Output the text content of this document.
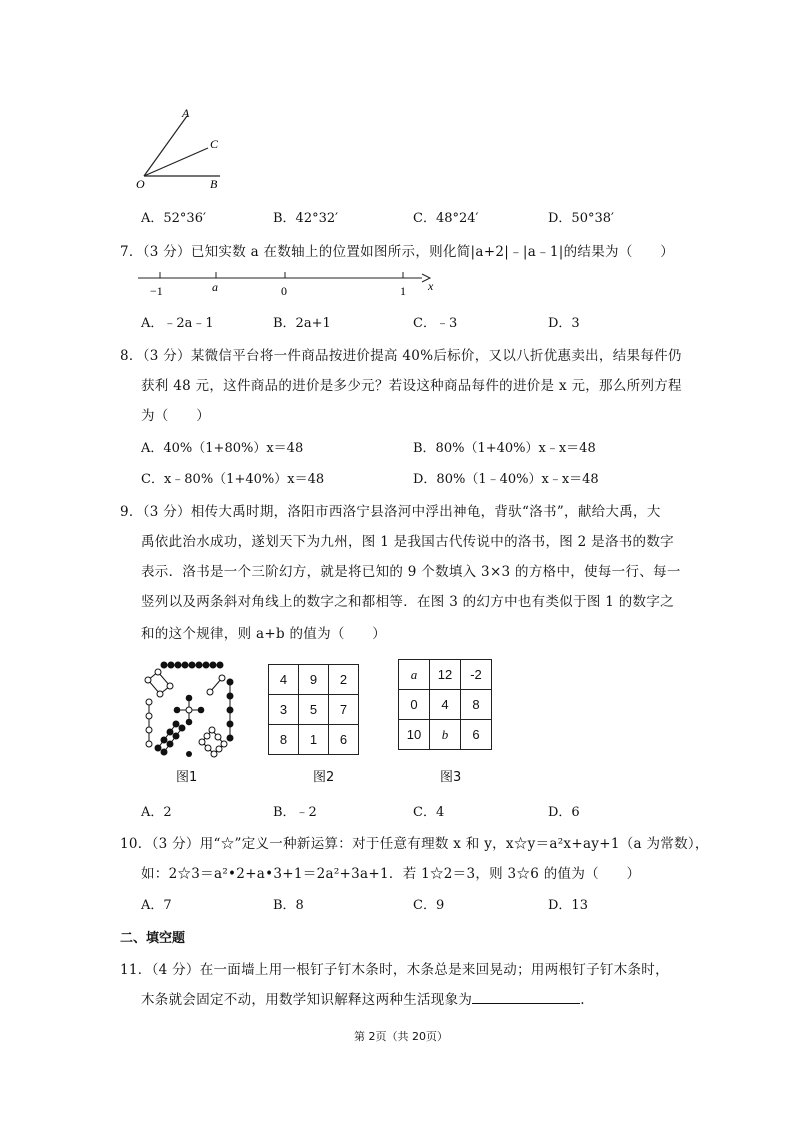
A
C
O	B
A．52°36′	B．42°32′	C．48°24′	D．50°38′
7．（3 分）已知实数 a 在数轴上的位置如图所示，则化简|a+2|﹣|a﹣1|的结果为（　　）
−1	a	0	1 x
A．﹣2a﹣1	B．2a+1	C．﹣3	D．3
8．（3 分）某微信平台将一件商品按进价提高 40%后标价，又以八折优惠卖出，结果每件仍
获利 48 元，这件商品的进价是多少元？若设这种商品每件的进价是 x 元，那么所列方程
为（　　）
A．40%（1+80%）x＝48	B．80%（1+40%）x﹣x＝48
C．x﹣80%（1+40%）x＝48	D．80%（1﹣40%）x﹣x＝48
9．（3 分）相传大禹时期，洛阳市西洛宁县洛河中浮出神龟，背驮“洛书”，献给大禹，大
禹依此治水成功，遂划天下为九州，图 1 是我国古代传说中的洛书，图 2 是洛书的数字
表示．洛书是一个三阶幻方，就是将已知的 9 个数填入 3×3 的方格中，使每一行、每一
竖列以及两条斜对角线上的数字之和都相等．在图 3 的幻方中也有类似于图 1 的数字之
和的这个规律，则 a+b 的值为（　　）
图1
4	9	2
3	5	7
8	1	6
图2
a	12	-2
0	4	8
10	b	6
图3
A．2	B．﹣2	C．4	D．6
10．（3 分）用“☆”定义一种新运算：对于任意有理数 x 和 y，x☆y＝a²x+ay+1（a 为常数），
如：2☆3＝a²•2+a•3+1＝2a²+3a+1．若 1☆2＝3，则 3☆6 的值为（　　）
A．7	B．8	C．9	D．13
二、填空题
11．（4 分）在一面墙上用一根钉子钉木条时，木条总是来回晃动；用两根钉子钉木条时，
木条就会固定不动，用数学知识解释这两种生活现象为	.
第 2页（共 20页）
